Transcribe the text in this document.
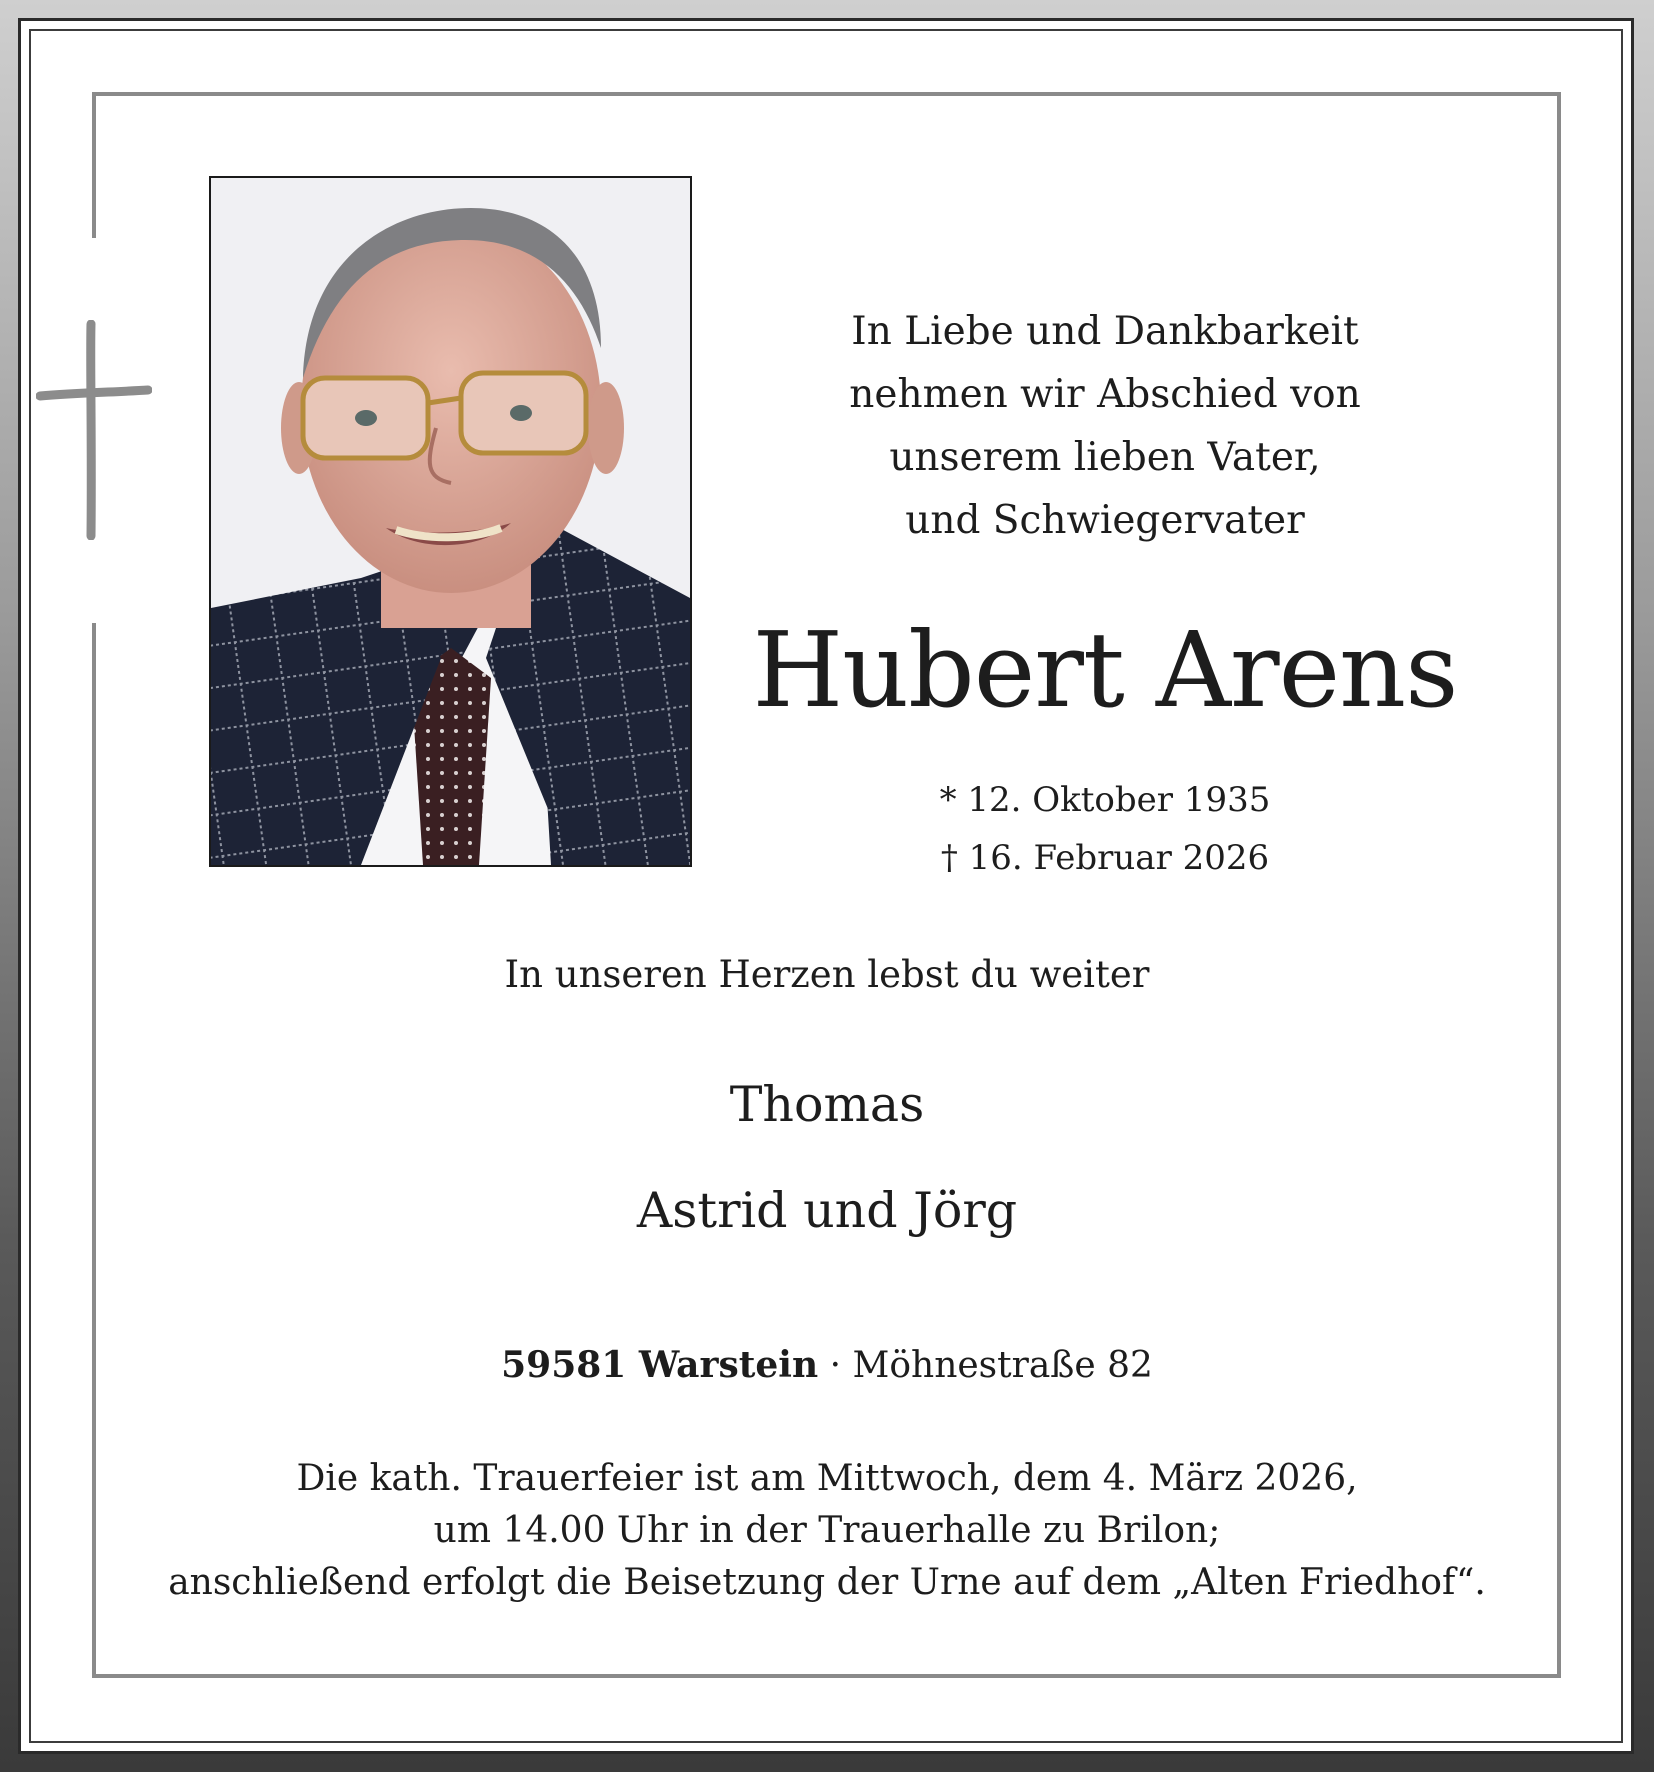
In Liebe und Dankbarkeit
nehmen wir Abschied von
unserem lieben Vater,
und Schwiegervater
Hubert Arens
* 12. Oktober 1935
† 16. Februar 2026
In unseren Herzen lebst du weiter
Thomas
Astrid und Jörg
59581 Warstein · Möhnestraße 82
Die kath. Trauerfeier ist am Mittwoch, dem 4. März 2026,
um 14.00 Uhr in der Trauerhalle zu Brilon;
anschließend erfolgt die Beisetzung der Urne auf dem „Alten Friedhof“.
